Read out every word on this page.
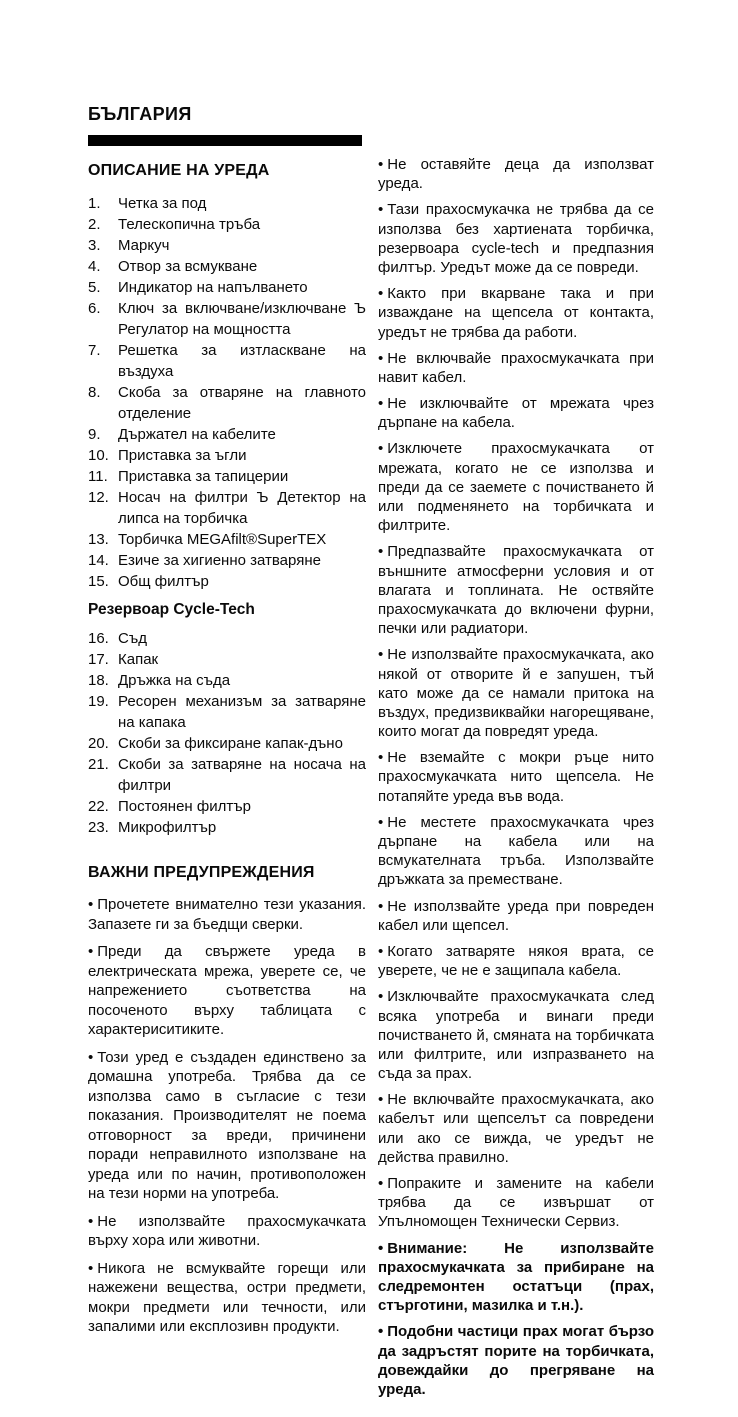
БЪЛГАРИЯ
ОПИСАНИЕ НА УРЕДА
1.	Четка за под
2.	Телескопична тръба
3.	Маркуч
4.	Отвор за всмукване
5.	Индикатор на напълването
6.	Ключ за включване/изключване Ъ Регулатор на мощността
7.	Решетка за изтласкване на въздуха
8.	Скоба за отваряне на главното отделение
9.	Държател на кабелите
10. Приставка за ъгли
11. Приставка за тапицерии
12. Носач на филтри Ъ Детектор на липса на торбичка
13. Торбичка MEGAfilt®SuperTEX
14. Езиче за хигиенно затваряне
15. Общ филтър
Резервоар Cycle-Tech
16. Съд
17. Капак
18. Дръжка на съда
19. Ресорен механизъм за затваряне на капака
20. Скоби за фиксиране капак-дъно
21. Скоби за затваряне на носача на филтри
22. Постоянен филтър
23. Микрофилтър
ВАЖНИ ПРЕДУПРЕЖДЕНИЯ

• Прочетете внимателно тези указания. Запазете ги за бъедщи сверки.

• Преди да свържете уреда в електрическата мрежа, уверете се, че напрежението съответства на посоченото върху таблицата с характериситиките.

• Този уред е създаден единствено за домашна употреба. Трябва да се използва само в съгласие с тези показания. Производителят не поема отговорност за вреди, причинени поради неправилното използване на уреда или по начин, противоположен на тези норми на употреба.

• Не използвайте прахосмукачката върху хора или животни.

• Никога не всмуквайте горещи или нажежени вещества, остри предмети, мокри предмети или течности, или запалими или експлозивн продукти.

• Не оставяйте деца да използват уреда.

• Тази прахосмукачка не трябва да се използва без хартиената торбичка, резервоара cycle-tech и предпазния филтър. Уредът може да се повреди.

• Както при вкарване така и при изваждане на щепсела от контакта, уредът не трябва да работи.

• Не включвайе прахосмукачката при навит кабел.

• Не изключвайте от мрежата чрез дърпане на кабела.

• Изключете прахосмукачката от мрежата, когато не се използва и преди да се заемете с почистването й или подменянето на торбичката и филтрите.

• Предпазвайте прахосмукачката от външните атмосферни условия и от влагата и топлината. Не оствяйте прахосмукачката до включени фурни, печки или радиатори.

• Не използвайте прахосмукачката, ако някой от отворите й е запушен, тъй като може да се намали притока на въздух, предизвиквайки нагорещяване, които могат да повредят уреда.

• Не вземайте с мокри ръце нито прахосмукачката нито щепсела. Не потапяйте уреда във вода.

• Не местете прахосмукачката чрез дърпане на кабела или на всмукателната тръба. Използвайте дръжката за преместване.

• Не използвайте уреда при повреден кабел или щепсел.

• Когато затваряте някоя врата, се уверете, че не е защипала кабела.

• Изключвайте прахосмукачката след всяка употреба и винаги преди почистването й, смяната на торбичката или филтрите, или изпразването на съда за прах.

• Не включвайте прахосмукачката, ако кабелът или щепселът са повредени или ако се вижда, че уредът не действа правилно.

• Попраките и замените на кабели трябва да се извършат от Упълномощен Технически Сервиз.

• Внимание: Не използвайте прахосмукачката за прибиране на следремонтен остатъци (прах, стърготини, мазилка и т.н.).

• Подобни частици прах могат бързо да задръстят порите на торбичката, довеждайки до прегряване на уреда.
